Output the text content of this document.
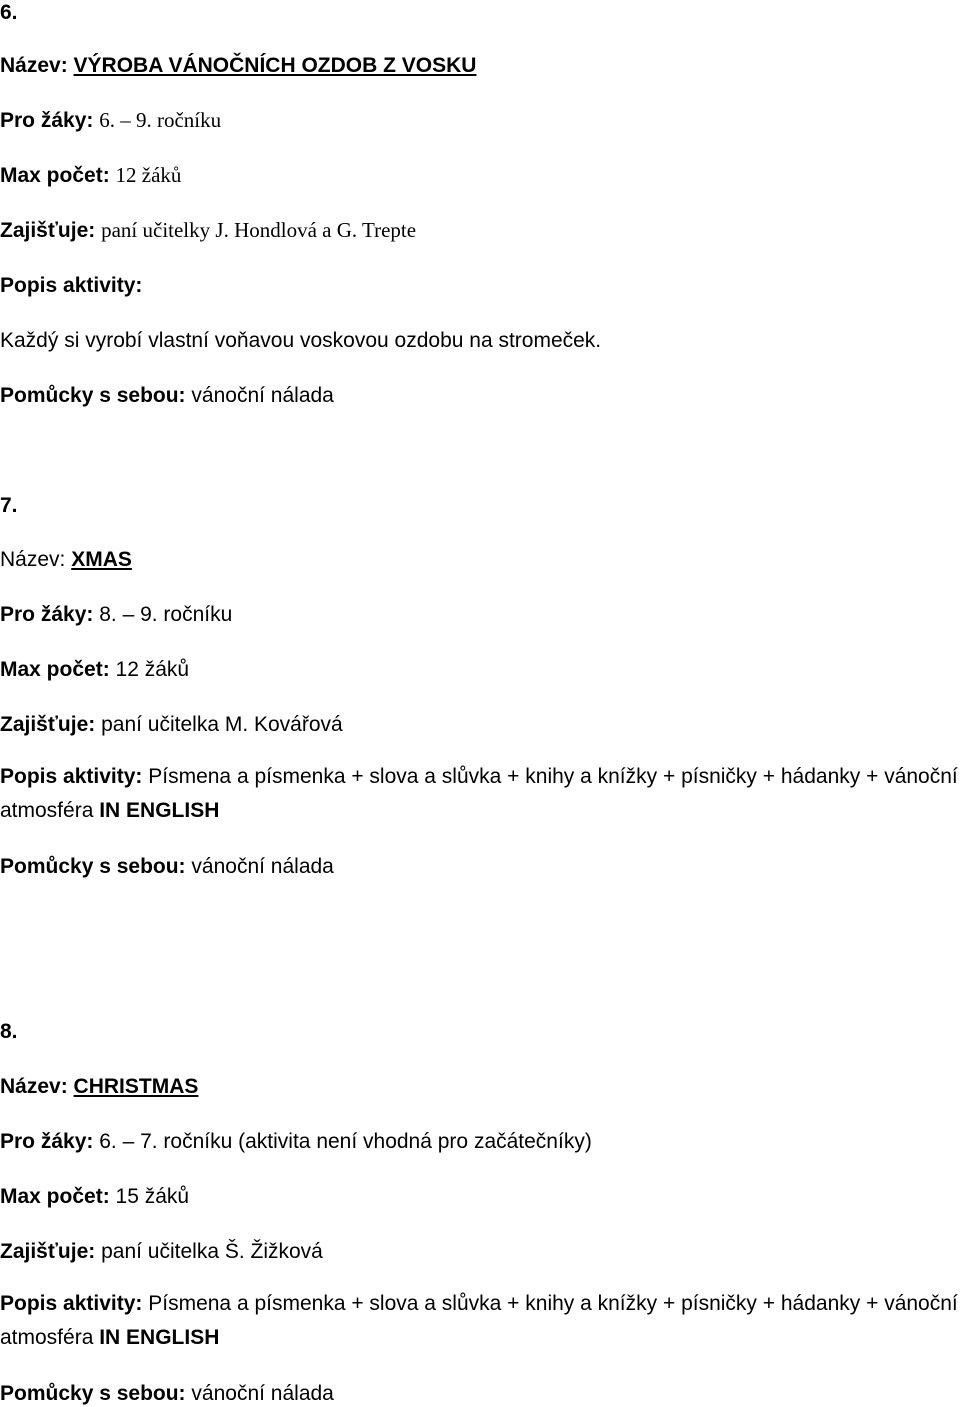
6.
Název: VÝROBA VÁNOČNÍCH OZDOB Z VOSKU
Pro žáky: 6. – 9. ročníku
Max počet: 12 žáků
Zajišťuje: paní učitelky J. Hondlová a G. Trepte
Popis aktivity:
Každý si vyrobí vlastní voňavou voskovou ozdobu na stromeček.
Pomůcky s sebou: vánoční nálada
7.
Název: XMAS
Pro žáky: 8. – 9. ročníku
Max počet: 12 žáků
Zajišťuje: paní učitelka M. Kovářová
Popis aktivity: Písmena a písmenka + slova a slůvka + knihy a knížky + písničky + hádanky + vánoční atmosféra IN ENGLISH
Pomůcky s sebou: vánoční nálada
8.
Název: CHRISTMAS
Pro žáky: 6. – 7. ročníku (aktivita není vhodná pro začátečníky)
Max počet: 15 žáků
Zajišťuje: paní učitelka Š. Žižková
Popis aktivity: Písmena a písmenka + slova a slůvka + knihy a knížky + písničky + hádanky + vánoční atmosféra IN ENGLISH
Pomůcky s sebou: vánoční nálada
